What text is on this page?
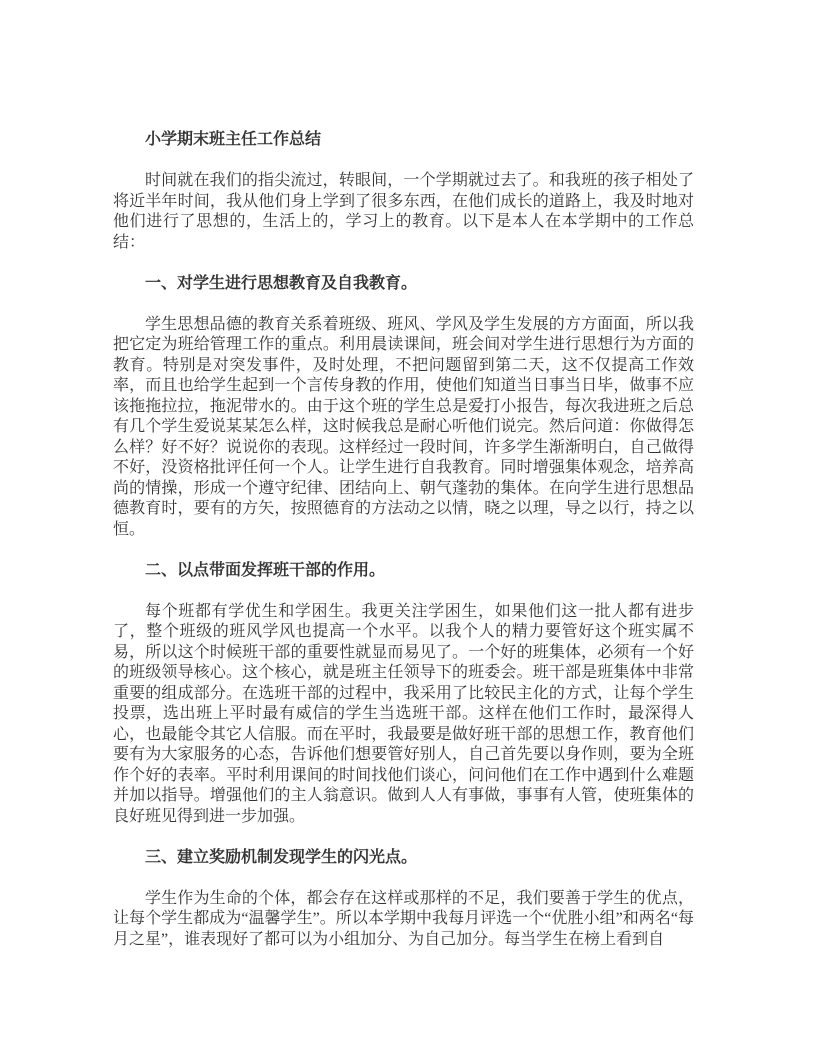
小学期末班主任工作总结

时间就在我们的指尖流过，转眼间，一个学期就过去了。和我班的孩子相处了将近半年时间，我从他们身上学到了很多东西，在他们成长的道路上，我及时地对他们进行了思想的，生活上的，学习上的教育。以下是本人在本学期中的工作总结：

一、对学生进行思想教育及自我教育。

学生思想品德的教育关系着班级、班风、学风及学生发展的方方面面，所以我把它定为班给管理工作的重点。利用晨读课间，班会间对学生进行思想行为方面的教育。特别是对突发事件，及时处理，不把问题留到第二天，这不仅提高工作效率，而且也给学生起到一个言传身教的作用，使他们知道当日事当日毕，做事不应该拖拖拉拉，拖泥带水的。由于这个班的学生总是爱打小报告，每次我进班之后总有几个学生爱说某某怎么样，这时候我总是耐心听他们说完。然后问道：你做得怎么样？好不好？说说你的表现。这样经过一段时间，许多学生渐渐明白，自己做得不好，没资格批评任何一个人。让学生进行自我教育。同时增强集体观念，培养高尚的情操，形成一个遵守纪律、团结向上、朝气蓬勃的集体。在向学生进行思想品德教育时，要有的方矢，按照德育的方法动之以情，晓之以理，导之以行，持之以恒。

二、以点带面发挥班干部的作用。

每个班都有学优生和学困生。我更关注学困生，如果他们这一批人都有进步了，整个班级的班风学风也提高一个水平。以我个人的精力要管好这个班实属不易，所以这个时候班干部的重要性就显而易见了。一个好的班集体，必须有一个好的班级领导核心。这个核心，就是班主任领导下的班委会。班干部是班集体中非常重要的组成部分。在选班干部的过程中，我采用了比较民主化的方式，让每个学生投票，选出班上平时最有威信的学生当选班干部。这样在他们工作时，最深得人心，也最能令其它人信服。而在平时，我最要是做好班干部的思想工作，教育他们要有为大家服务的心态，告诉他们想要管好别人，自己首先要以身作则，要为全班作个好的表率。平时利用课间的时间找他们谈心，问问他们在工作中遇到什么难题并加以指导。增强他们的主人翁意识。做到人人有事做，事事有人管，使班集体的良好班见得到进一步加强。

三、建立奖励机制发现学生的闪光点。

学生作为生命的个体，都会存在这样或那样的不足，我们要善于学生的优点，让每个学生都成为“温馨学生”。所以本学期中我每月评选一个“优胜小组”和两名“每月之星”，谁表现好了都可以为小组加分、为自己加分。每当学生在榜上看到自
